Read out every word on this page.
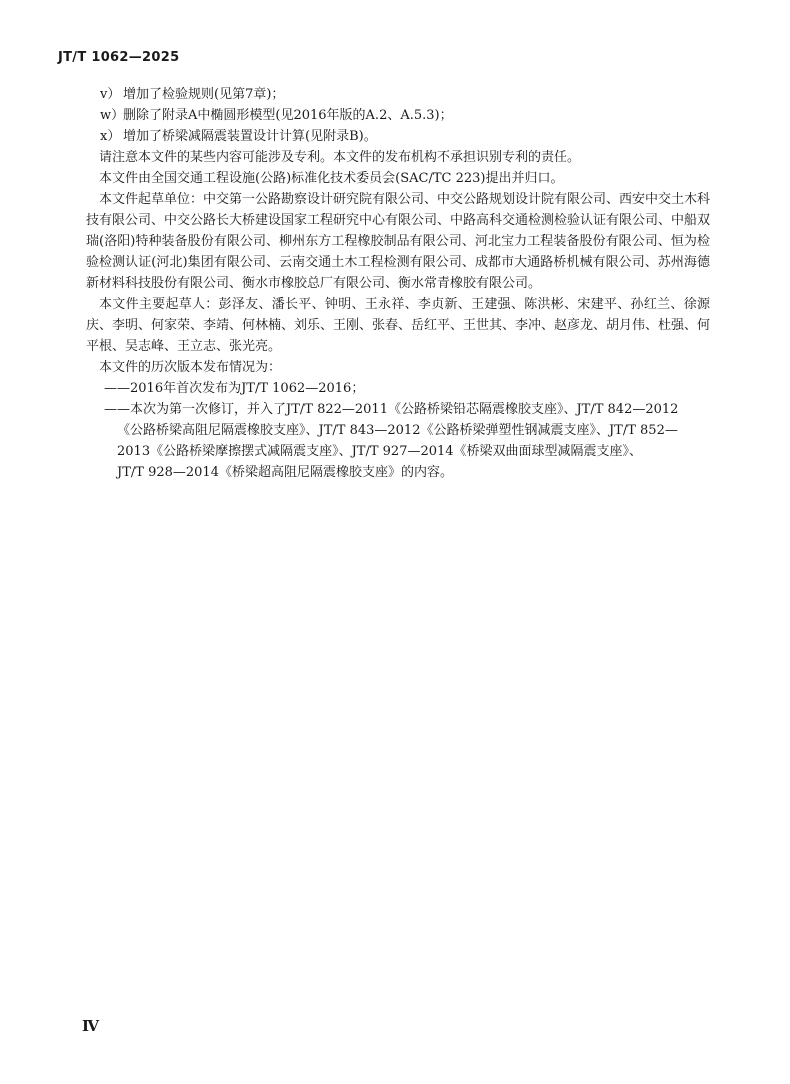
JT/T 1062—2025
v） 增加了检验规则(见第7章)；
w）
删除了附录A中椭圆形模型(见2016年版的A.2、A.5.3)；
x） 增加了桥梁减隔震装置设计计算(见附录B)。

请注意本文件的某些内容可能涉及专利。本文件的发布机构不承担识别专利的责任。

本文件由全国交通工程设施(公路)标准化技术委员会(SAC/TC 223)提出并归口。

本文件起草单位：中交第一公路勘察设计研究院有限公司、中交公路规划设计院有限公司、西安中交土木科技有限公司、中交公路长大桥建设国家工程研究中心有限公司、中路高科交通检测检验认证有限公司、中船双瑞(洛阳)特种装备股份有限公司、柳州东方工程橡胶制品有限公司、河北宝力工程装备股份有限公司、恒为检验检测认证(河北)集团有限公司、云南交通土木工程检测有限公司、成都市大通路桥机械有限公司、苏州海德新材料科技股份有限公司、衡水市橡胶总厂有限公司、衡水常青橡胶有限公司。

本文件主要起草人：彭泽友、潘长平、钟明、王永祥、李贞新、王建强、陈洪彬、宋建平、孙红兰、徐源庆、李明、何家荣、李靖、何林楠、刘乐、王刚、张春、岳红平、王世其、李冲、赵彦龙、胡月伟、杜强、何平根、吴志峰、王立志、张光亮。

本文件的历次版本发布情况为：

——2016年首次发布为JT/T 1062—2016；
——本次为第一次修订，并入了JT/T 822—2011《公路桥梁铅芯隔震橡胶支座》、JT/T 842—2012
《公路桥梁高阻尼隔震橡胶支座》、JT/T 843—2012《公路桥梁弹塑性钢减震支座》、JT/T 852—
2013《公路桥梁摩擦摆式减隔震支座》、JT/T 927—2014《桥梁双曲面球型减隔震支座》、
JT/T 928—2014《桥梁超高阻尼隔震橡胶支座》的内容。
Ⅳ
